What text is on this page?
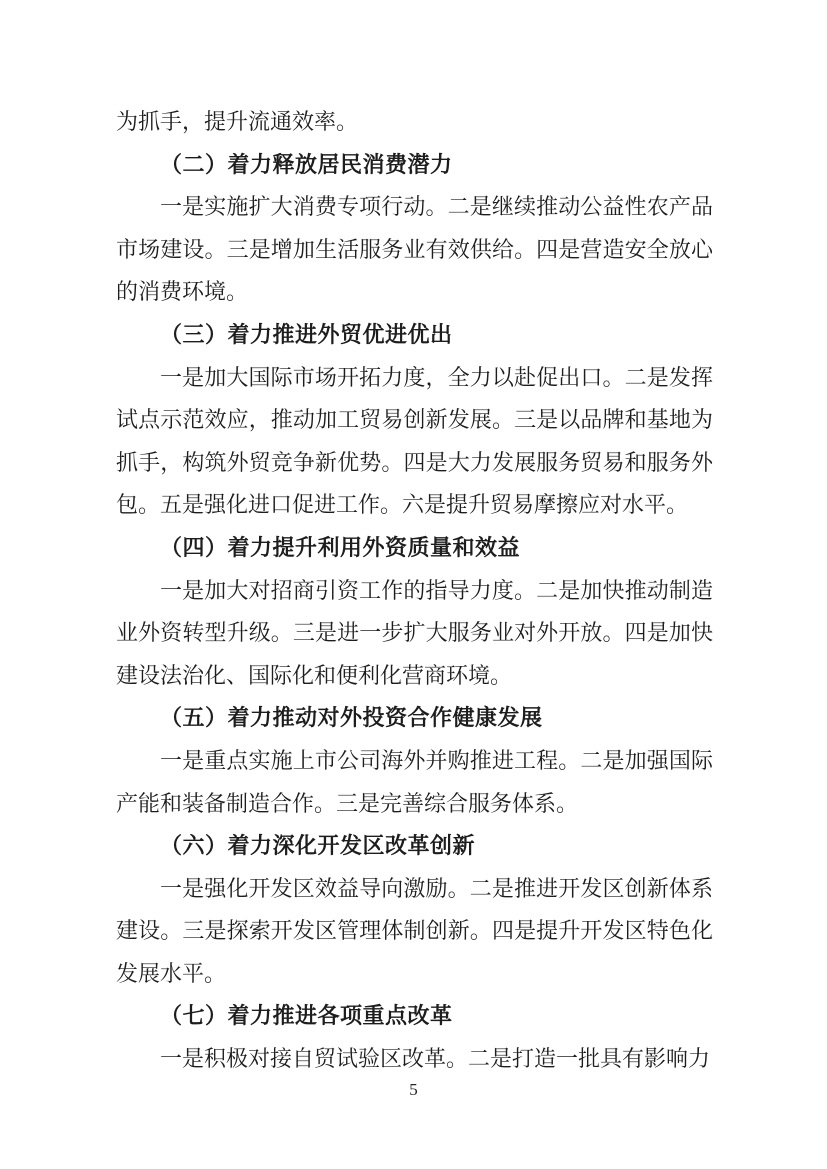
为抓手，提升流通效率。

（二）着力释放居民消费潜力

一是实施扩大消费专项行动。二是继续推动公益性农产品市场建设。三是增加生活服务业有效供给。四是营造安全放心的消费环境。

（三）着力推进外贸优进优出

一是加大国际市场开拓力度，全力以赴促出口。二是发挥试点示范效应，推动加工贸易创新发展。三是以品牌和基地为抓手，构筑外贸竞争新优势。四是大力发展服务贸易和服务外包。五是强化进口促进工作。六是提升贸易摩擦应对水平。

（四）着力提升利用外资质量和效益

一是加大对招商引资工作的指导力度。二是加快推动制造业外资转型升级。三是进一步扩大服务业对外开放。四是加快建设法治化、国际化和便利化营商环境。

（五）着力推动对外投资合作健康发展

一是重点实施上市公司海外并购推进工程。二是加强国际产能和装备制造合作。三是完善综合服务体系。

（六）着力深化开发区改革创新

一是强化开发区效益导向激励。二是推进开发区创新体系建设。三是探索开发区管理体制创新。四是提升开发区特色化发展水平。

（七）着力推进各项重点改革

一是积极对接自贸试验区改革。二是打造一批具有影响力

5
